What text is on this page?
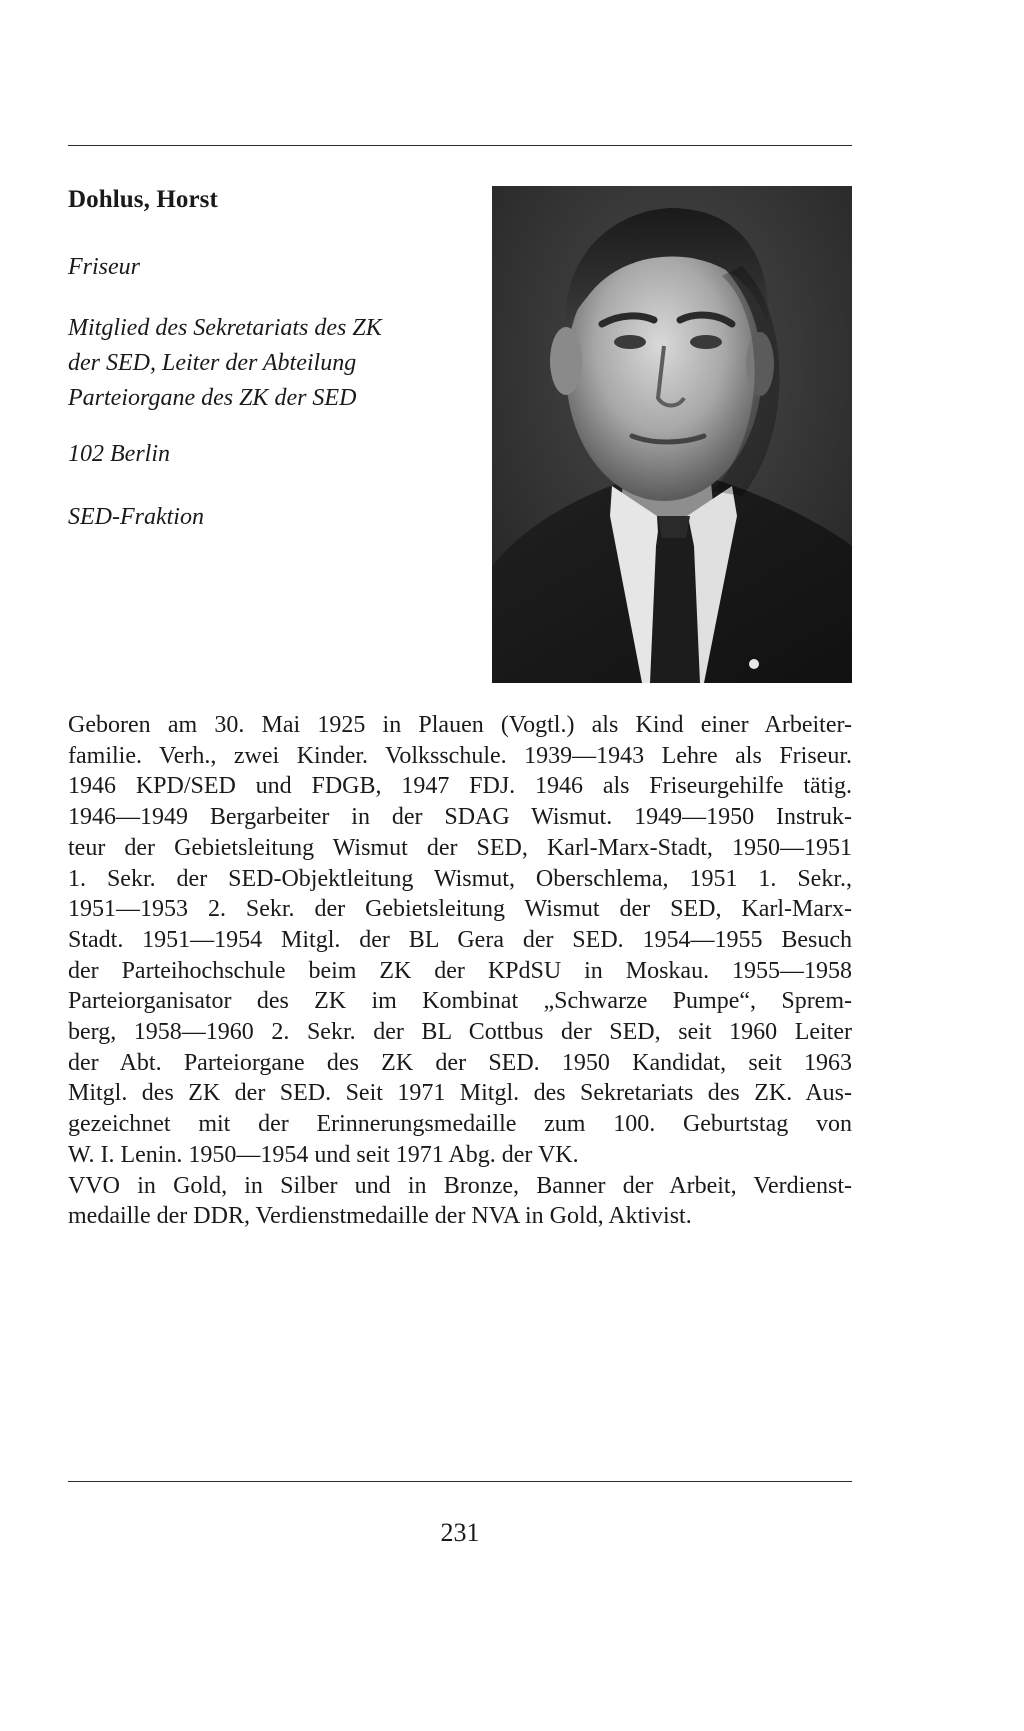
Dohlus, Horst
Friseur
Mitglied des Sekretariats des ZK
der SED, Leiter der Abteilung
Parteiorgane des ZK der SED
102 Berlin
SED-Fraktion
Geboren am 30. Mai 1925 in Plauen (Vogtl.) als Kind einer Arbeiter-
familie. Verh., zwei Kinder. Volksschule. 1939—1943 Lehre als Friseur.
1946 KPD/SED und FDGB, 1947 FDJ. 1946 als Friseurgehilfe tätig.
1946—1949 Bergarbeiter in der SDAG Wismut. 1949—1950 Instruk-
teur der Gebietsleitung Wismut der SED, Karl-Marx-Stadt, 1950—1951
1. Sekr. der SED-Objektleitung Wismut, Oberschlema, 1951 1. Sekr.,
1951—1953 2. Sekr. der Gebietsleitung Wismut der SED, Karl-Marx-
Stadt. 1951—1954 Mitgl. der BL Gera der SED. 1954—1955 Besuch
der Parteihochschule beim ZK der KPdSU in Moskau. 1955—1958
Parteiorganisator des ZK im Kombinat „Schwarze Pumpe“, Sprem-
berg, 1958—1960 2. Sekr. der BL Cottbus der SED, seit 1960 Leiter
der Abt. Parteiorgane des ZK der SED. 1950 Kandidat, seit 1963
Mitgl. des ZK der SED. Seit 1971 Mitgl. des Sekretariats des ZK. Aus-
gezeichnet mit der Erinnerungsmedaille zum 100. Geburtstag von
W. I. Lenin. 1950—1954 und seit 1971 Abg. der VK.
VVO in Gold, in Silber und in Bronze, Banner der Arbeit, Verdienst-
medaille der DDR, Verdienstmedaille der NVA in Gold, Aktivist.
231
